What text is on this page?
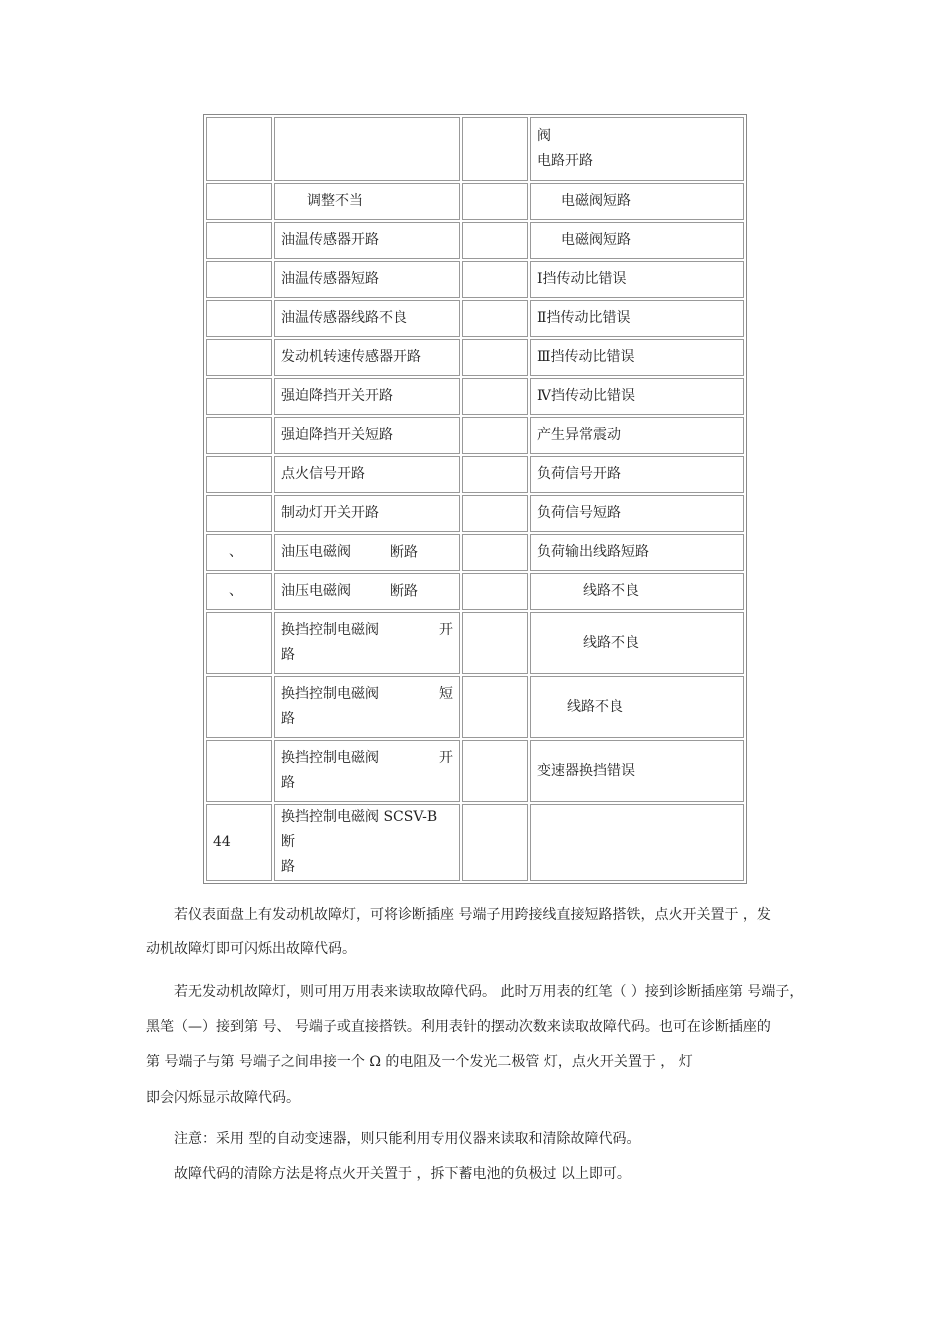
			阀
电路开路

	调整不当		电磁阀短路
	油温传感器开路		电磁阀短路
	油温传感器短路		Ⅰ挡传动比错误
	油温传感器线路不良		Ⅱ挡传动比错误
	发动机转速传感器开路		Ⅲ挡传动比错误
	强迫降挡开关开路		Ⅳ挡传动比错误
	强迫降挡开关短路		产生异常震动
	点火信号开路		负荷信号开路
	制动灯开关开路		负荷信号短路
、	油压电磁阀 断路		负荷输出线路短路
、	油压电磁阀 断路		线路不良

	换挡控制电磁阀 开
路		线路不良

	换挡控制电磁阀 短
路		线路不良

	换挡控制电磁阀 开
路		变速器换挡错误
44	换挡控制电磁阀 SCSV-B 断
路		

若仪表面盘上有发动机故障灯，可将诊断插座 号端子用跨接线直接短路搭铁，点火开关置于 ，发

动机故障灯即可闪烁出故障代码。

若无发动机故障灯，则可用万用表来读取故障代码。 此时万用表的红笔（ ）接到诊断插座第 号端子，

黑笔（—）接到第 号、 号端子或直接搭铁。利用表针的摆动次数来读取故障代码。也可在诊断插座的

第 号端子与第 号端子之间串接一个 Ω 的电阻及一个发光二极管 灯，点火开关置于 ， 灯

即会闪烁显示故障代码。

注意：采用 型的自动变速器，则只能利用专用仪器来读取和清除故障代码。

故障代码的清除方法是将点火开关置于 ，拆下蓄电池的负极过 以上即可。
